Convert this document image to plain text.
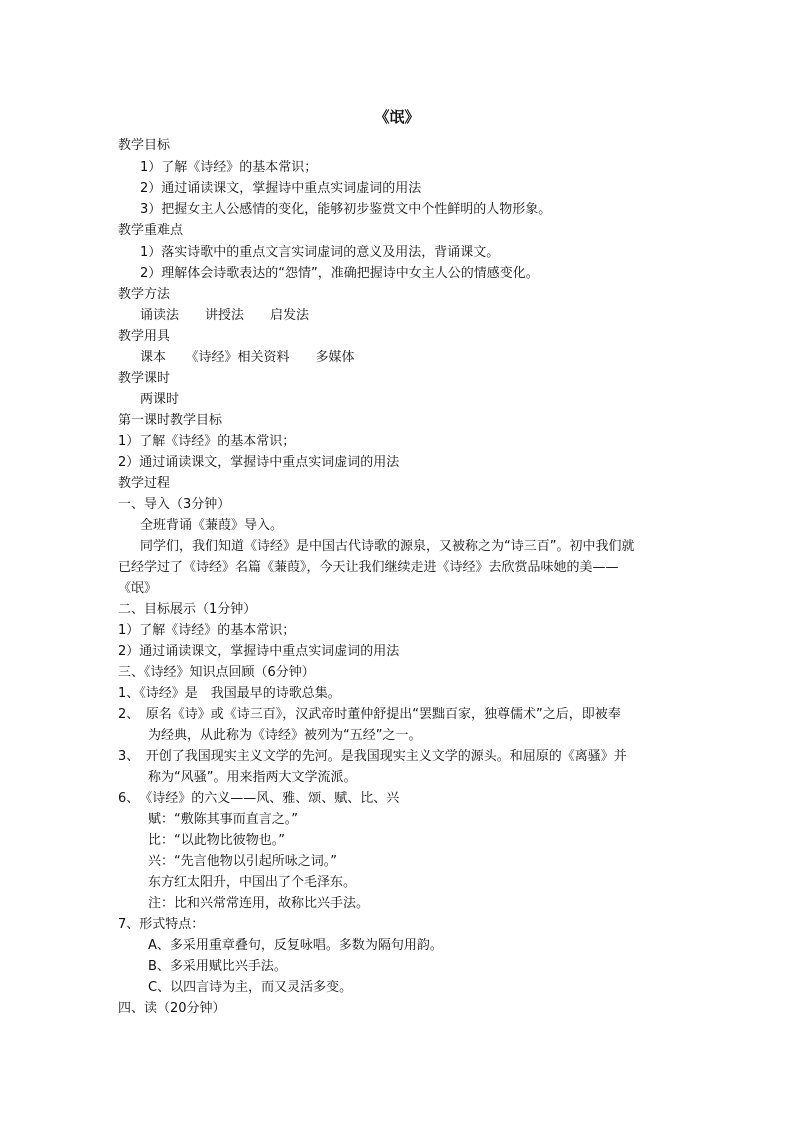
《氓》
教学目标
1）了解《诗经》的基本常识；
2）通过诵读课文，掌握诗中重点实词虚词的用法
3）把握女主人公感情的变化，能够初步鉴赏文中个性鲜明的人物形象。
教学重难点
1）落实诗歌中的重点文言实词虚词的意义及用法，背诵课文。
2）理解体会诗歌表达的“怨情”，准确把握诗中女主人公的情感变化。
教学方法
诵读法　　讲授法　　启发法
教学用具
课本　　《诗经》相关资料　　多媒体
教学课时
两课时
第一课时教学目标
1）了解《诗经》的基本常识；
2）通过诵读课文，掌握诗中重点实词虚词的用法
教学过程
一、导入（3分钟）
全班背诵《蒹葭》导入。
同学们，我们知道《诗经》是中国古代诗歌的源泉，又被称之为“诗三百”。初中我们就
已经学过了《诗经》名篇《蒹葭》，今天让我们继续走进《诗经》去欣赏品味她的美——
《氓》
二、目标展示（1分钟）
1）了解《诗经》的基本常识；
2）通过诵读课文，掌握诗中重点实词虚词的用法
三、《诗经》知识点回顾（6分钟）
1、《诗经》是　我国最早的诗歌总集。
2、　原名《诗》或《诗三百》，汉武帝时董仲舒提出“罢黜百家，独尊儒术”之后，即被奉
为经典，从此称为《诗经》被列为“五经”之一。
3、　开创了我国现实主义文学的先河。是我国现实主义文学的源头。和屈原的《离骚》并
称为“风骚”。用来指两大文学流派。
6、　《诗经》的六义——风、雅、颂、赋、比、兴
赋：“敷陈其事而直言之。”
比：“以此物比彼物也。”
兴：“先言他物以引起所咏之词。”
东方红太阳升，中国出了个毛泽东。
注：比和兴常常连用，故称比兴手法。
7、形式特点：
A、多采用重章叠句，反复咏唱。多数为隔句用韵。
B、多采用赋比兴手法。
C、以四言诗为主，而又灵活多变。
四、读（20分钟）
